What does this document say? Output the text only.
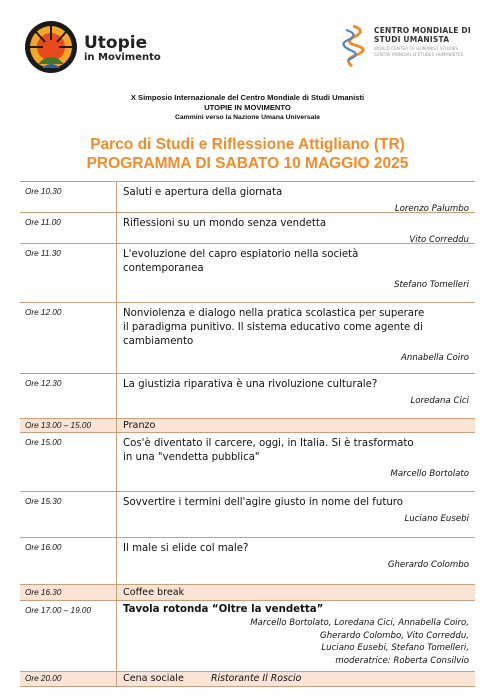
Utopie
in Movimento
CENTRO MONDIALE DI
STUDI UMANISTA
WORLD CENTER OF HUMANIST STUDIES
CENTRE MONDIAL D'ÉTUDES HUMANISTES
X Simposio Internazionale del Centro Mondiale di Studi Umanisti
UTOPIE IN MOVIMENTO
Cammini verso la Nazione Umana Universale
Parco di Studi e Riflessione Attigliano (TR)
PROGRAMMA DI SABATO 10 MAGGIO 2025
Ore 10.30	Saluti e apertura della giornata
Lorenzo Palumbo
Ore 11.00	Riflessioni su un mondo senza vendetta
Vito Correddu
Ore 11.30	L'evoluzione del capro espiatorio nella società
contemporanea
Stefano Tomelleri
Ore 12.00	Nonviolenza e dialogo nella pratica scolastica per superare
il paradigma punitivo. Il sistema educativo come agente di
cambiamento
Annabella Coiro
Ore 12.30	La giustizia riparativa è una rivoluzione culturale?
Loredana Cici
Ore 13.00 – 15.00	Pranzo
Ore 15.00	Cos'è diventato il carcere, oggi, in Italia. Si è trasformato
in una "vendetta pubblica"
Marcello Bortolato
Ore 15.30	Sovvertire i termini dell'agire giusto in nome del futuro
Luciano Eusebi
Ore 16.00	Il male si elide col male?
Gherardo Colombo
Ore 16.30	Coffee break
Ore 17.00 – 19.00	Tavola rotonda “Oltre la vendetta”
Marcello Bortolato, Loredana Cici, Annabella Coiro,
Gherardo Colombo, Vito Correddu,
Luciano Eusebi, Stefano Tomelleri,
moderatrice: Roberta Consilvio
Ore 20.00	Cena sociale	Ristorante Il Roscio
